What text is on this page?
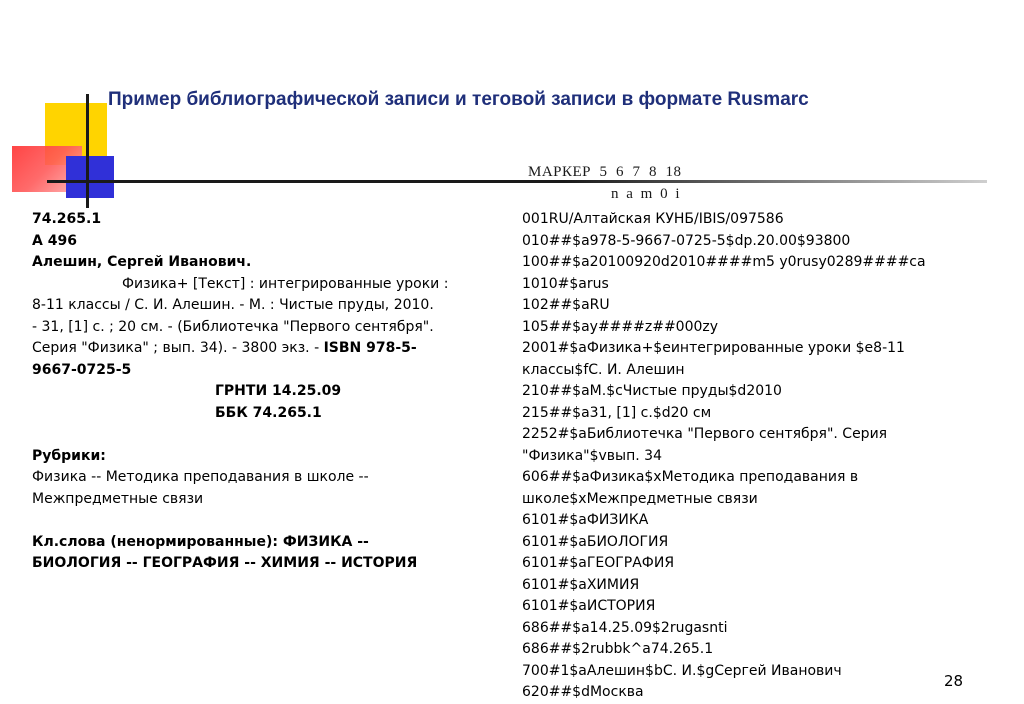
Пример библиографической записи и теговой записи в формате Rusmarc
МАРКЕР  5  6  7  8  18
n a m 0 i
74.265.1
А 496
Алешин, Сергей Иванович.
Физика+ [Текст] : интегрированные уроки :
8-11 классы / С. И. Алешин. - М. : Чистые пруды, 2010.
- 31, [1] с. ; 20 см. - (Библиотечка "Первого сентября".
Серия "Физика" ; вып. 34). - 3800 экз. - ISBN 978-5-
9667-0725-5
ГРНТИ 14.25.09
ББК 74.265.1
Рубрики:
Физика -- Методика преподавания в школе --
Межпредметные связи
Кл.слова (ненормированные): ФИЗИКА --
БИОЛОГИЯ -- ГЕОГРАФИЯ -- ХИМИЯ -- ИСТОРИЯ
001RU/Алтайская КУНБ/IBIS/097586
010##$a978-5-9667-0725-5$dp.20.00$93800
100##$a20100920d2010####m5 y0rusy0289####ca
1010#$arus
102##$aRU
105##$ay####z##000zy
2001#$aФизика+$eинтегрированные уроки $e8-11
классы$fС. И. Алешин
210##$aМ.$cЧистые пруды$d2010
215##$a31, [1] с.$d20 см
2252#$aБиблиотечка "Первого сентября". Серия
"Физика"$vвып. 34
606##$aФизика$xМетодика преподавания в
школе$xМежпредметные связи
6101#$aФИЗИКА
6101#$aБИОЛОГИЯ
6101#$aГЕОГРАФИЯ
6101#$aХИМИЯ
6101#$aИСТОРИЯ
686##$a14.25.09$2rugasnti
686##$2rubbk^a74.265.1
700#1$aАлешин$bС. И.$gСергей Иванович
620##$dМосква
28
